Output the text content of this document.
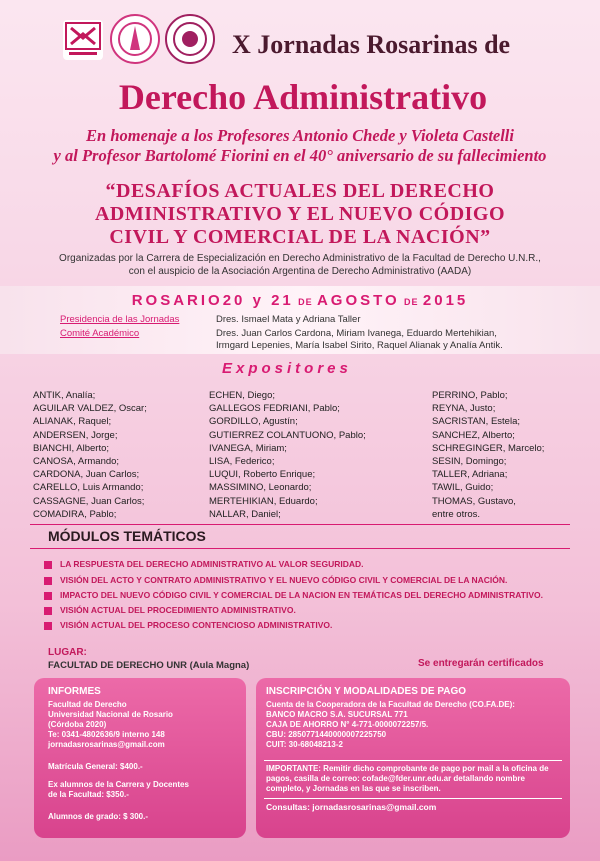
X Jornadas Rosarinas de
Derecho Administrativo
En homenaje a los Profesores Antonio Chede y Violeta Castelli
y al Profesor Bartolomé Fiorini en el 40° aniversario de su fallecimiento
“DESAFÍOS ACTUALES DEL DERECHO
ADMINISTRATIVO Y EL NUEVO CÓDIGO
CIVIL Y COMERCIAL DE LA NACIÓN”
Organizadas por la Carrera de Especialización en Derecho Administrativo de la Facultad de Derecho U.N.R.,
con el auspicio de la Asociación Argentina de Derecho Administrativo (AADA)
ROSARIO20 y 21 DE AGOSTO DE 2015
Presidencia de las Jornadas	Dres. Ismael Mata y Adriana Taller
Comité Académico	Dres. Juan Carlos Cardona, Miriam Ivanega, Eduardo Mertehikian,
Irmgard Lepenies, María Isabel Sirito, Raquel Alianak y Analía Antik.
Expositores
ANTIK, Analía;
AGUILAR VALDEZ, Oscar;
ALIANAK, Raquel;
ANDERSEN, Jorge;
BIANCHI, Alberto;
CANOSA, Armando;
CARDONA, Juan Carlos;
CARELLO, Luis Armando;
CASSAGNE, Juan Carlos;
COMADIRA, Pablo;
ECHEN, Diego;
GALLEGOS FEDRIANI, Pablo;
GORDILLO, Agustín;
GUTIERREZ COLANTUONO, Pablo;
IVANEGA, Miriam;
LISA, Federico;
LUQUI, Roberto Enrique;
MASSIMINO, Leonardo;
MERTEHIKIAN, Eduardo;
NALLAR, Daniel;
PERRINO, Pablo;
REYNA, Justo;
SACRISTAN, Estela;
SANCHEZ, Alberto;
SCHREGINGER, Marcelo;
SESIN, Domingo;
TALLER, Adriana;
TAWIL, Guido;
THOMAS, Gustavo,
entre otros.
MÓDULOS TEMÁTICOS
LA RESPUESTA DEL DERECHO ADMINISTRATIVO AL VALOR SEGURIDAD.
VISIÓN DEL ACTO Y CONTRATO ADMINISTRATIVO Y EL NUEVO CÓDIGO CIVIL Y COMERCIAL DE LA NACIÓN.
IMPACTO DEL NUEVO CÓDIGO CIVIL Y COMERCIAL DE LA NACION EN TEMÁTICAS DEL DERECHO ADMINISTRATIVO.
VISIÓN ACTUAL DEL PROCEDIMIENTO ADMINISTRATIVO.
VISIÓN ACTUAL DEL PROCESO CONTENCIOSO ADMINISTRATIVO.
LUGAR:
FACULTAD DE DERECHO UNR (Aula Magna)	Se entregarán certificados
INFORMES
Facultad de Derecho
Universidad Nacional de Rosario
(Córdoba 2020)
Te: 0341-4802636/9 interno 148
jornadasrosarinas@gmail.com
Matrícula General: $400.-
Ex alumnos de la Carrera y Docentes
de la Facultad: $350.-
Alumnos de grado: $ 300.-
INSCRIPCIÓN Y MODALIDADES DE PAGO
Cuenta de la Cooperadora de la Facultad de Derecho (CO.FA.DE):
BANCO MACRO S.A. SUCURSAL 771
CAJA DE AHORRO N° 4-771-0000072257/5.
CBU: 2850771440000007225750
CUIT: 30-68048213-2
IMPORTANTE: Remitir dicho comprobante de pago por mail a la oficina de
pagos, casilla de correo: cofade@fder.unr.edu.ar detallando nombre
completo, y Jornadas en las que se inscriben.
Consultas: jornadasrosarinas@gmail.com
